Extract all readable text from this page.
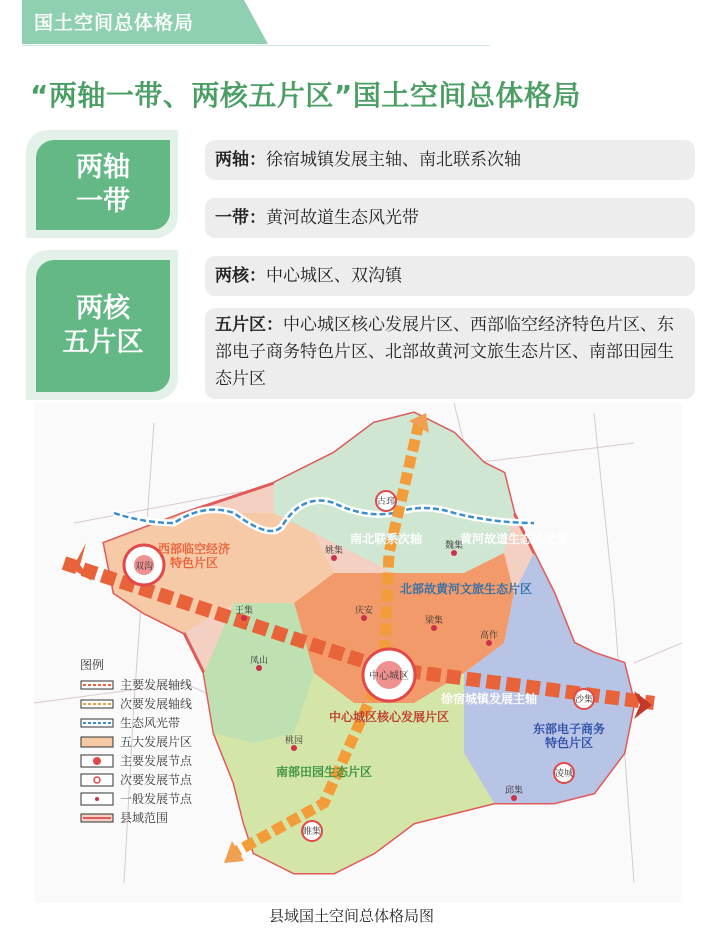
国土空间总体格局
“两轴一带、两核五片区”国土空间总体格局
两轴
一带
两核
五片区
两轴： 徐宿城镇发展主轴、南北联系次轴
一带： 黄河故道生态风光带
两核： 中心城区、双沟镇
五片区：中心城区核心发展片区、西部临空经济特色片区、东部电子商务特色片区、北部故黄河文旅生态片区、南部田园生态片区
西部临空经济特色片区
中心城区
中心城区核心发展片区
徐宿城镇发展主轴
北部故黄河文旅生态片区
黄河故道生态风光带
东部电子商务特色片区
南部田园生态片区
南北联系次轴
双沟
古邳
姚集	魏集
庆安
梁集
王集
凤山
桃园
高作
沙集
凌城
邱集
睢集
图例
主要发展轴线
次要发展轴线
生态风光带
五大发展片区
主要发展节点
次要发展节点
一般发展节点
县域范围
县域国土空间总体格局图
